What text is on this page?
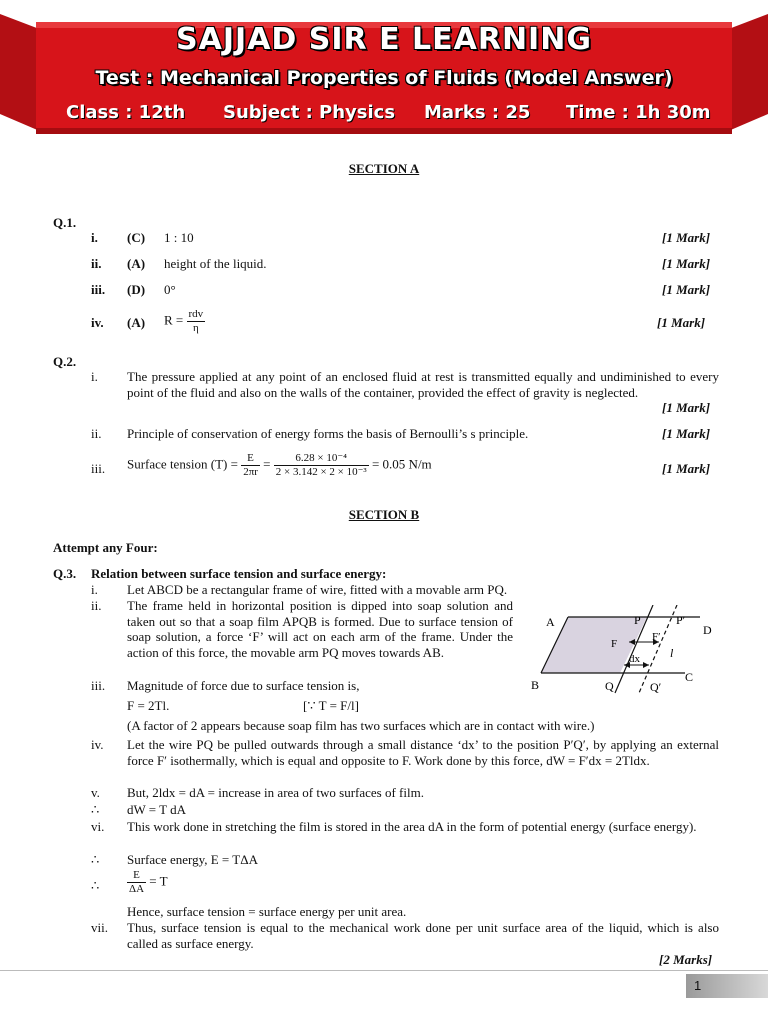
SAJJAD SIR E LEARNING
Test : Mechanical Properties of Fluids (Model Answer)
Class : 12th Subject : Physics Marks : 25 Time : 1h 30m
SECTION A
Q.1.
i. (C) 1 : 10	[1 Mark]
ii. (A) height of the liquid.	[1 Mark]
iii. (D) 0°	[1 Mark]
iv. (A) $R = \frac{\text{rdv}}{\eta}$	[1 Mark]
Q.2.
i. The pressure applied at any point of an enclosed fluid at rest is transmitted equally and undiminished to every point of the fluid and also on the walls of the container, provided the effect of gravity is neglected.
[1 Mark]
ii. Principle of conservation of energy forms the basis of Bernoulli’s s principle.	[1 Mark]
iii. Surface tension $(T) = \frac{E}{2\pi r} = \frac{\text{6.28 × 10⁻⁴}}{\text{2 × 3.142 × 2 × 10⁻³}} = 0.05$ N/m	[1 Mark]
SECTION B
Attempt any Four:
Q.3. Relation between surface tension and surface energy:
i. Let ABCD be a rectangular frame of wire, fitted with a movable arm PQ.
ii. The frame held in horizontal position is dipped into soap solution and taken out so that a soap film APQB is formed. Due to surface tension of soap solution, a force ‘F’ will act on each arm of the frame. Under the action of this force, the movable arm PQ moves towards AB.
A
B
C
D
P	P′
Q	Q′
F
F′
dx	l
iii. Magnitude of force due to surface tension is,
F = 2Tl.	[∵ T = F/l]
(A factor of 2 appears because soap film has two surfaces which are in contact with wire.)
iv. Let the wire PQ be pulled outwards through a small distance ‘dx’ to the position P′Q′, by applying an external force F′ isothermally, which is equal and opposite to F. Work done by this force, dW = F′dx = 2Tldx.
v. But, 2ldx = dA = increase in area of two surfaces of film.
∴ dW = T dA
vi. This work done in stretching the film is stored in the area dA in the form of potential energy (surface energy).
∴ Surface energy, E = TΔA
∴	$\frac{E}{\Delta A} = T$
Hence, surface tension = surface energy per unit area.
vii. Thus, surface tension is equal to the mechanical work done per unit surface area of the liquid, which is also called as surface energy.
[2 Marks]
1
